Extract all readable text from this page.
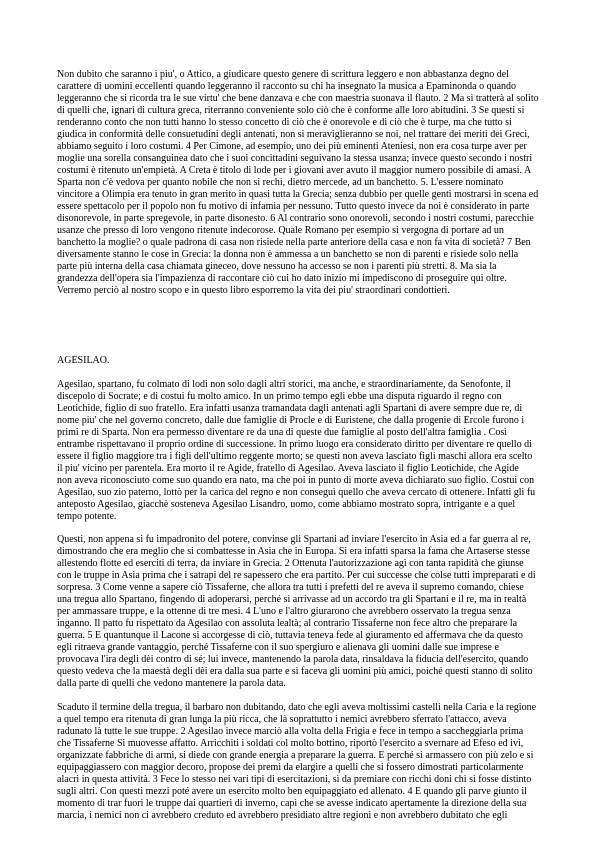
Non dubito che saranno i piu', o Attico, a giudicare questo genere di scrittura leggero e non abbastanza degno del
carattere di uomini eccellenti quando leggeranno il racconto su chi ha insegnato la musica a Epaminonda o quando
leggeranno che si ricorda tra le sue virtu' che bene danzava e che con maestria suonava il flauto. 2 Ma si tratterà al solito
di quelli che, ignari di cultura greca, riterranno conveniente solo ciò che è conforme alle loro abitudini. 3 Se questi si
renderanno conto che non tutti hanno lo stesso concetto di ciò che è onorevole e di ciò che è turpe, ma che tutto si
giudica in conformità delle consuetudini degli antenati, non si meraviglieranno se noi, nel trattare dei meriti dei Greci,
abbiamo seguito i loro costumi. 4 Per Cimone, ad esempio, uno dei più eminenti Ateniesi, non era cosa turpe aver per
moglie una sorella consanguinea dato che i suoi concittadini seguivano la stessa usanza; invece questo secondo i nostri
costumi è ritenuto un'empietà. A Creta è titolo di lode per i giovani aver avuto il maggior numero possibile di amasi. A
Sparta non c'è vedova per quanto nobile che non si rechi, dietro mercede, ad un banchetto. 5. L'essere nominato
vincitore a Olimpia era tenuto in gran merito in quasi tutta la Grecia; senza dubbio per quelle genti mostrarsi in scena ed
essere spettacolo per il popolo non fu motivo di infamia per nessuno. Tutto questo invece da noi è considerato in parte
disonorevole, in parte spregevole, in parte disonesto. 6 Al contrario sono onorevoli, secondo i nostri costumi, parecchie
usanze che presso di loro vengono ritenute indecorose. Quale Romano per esempio si vergogna di portare ad un
banchetto la moglie? o quale padrona di casa non risiede nella parte anteriore della casa e non fa vita di società? 7 Ben
diversamente stanno le cose in Grecia: la donna non è ammessa a un banchetto se non di parenti e risiede solo nella
parte più interna della casa chiamata gineceo, dove nessuno ha accesso se non i parenti più stretti. 8. Ma sia la
grandezza dell'opera sia l'impazienza di raccontare ciò cui ho dato inizio mi impediscono di proseguire qui oltre.
Verremo perciò al nostro scopo e in questo libro esporremo la vita dei piu' straordinari condottieri.
AGESILAO.
Agesilao, spartano, fu colmato di lodi non solo dagli altri storici, ma anche, e straordinariamente, da Senofonte, il
discepolo di Socrate; e di costui fu molto amico. In un primo tempo egli ebbe una disputa riguardo il regno con
Leotichide, figlio di suo fratello. Era infatti usanza tramandata dagli antenati agli Spartani di avere sempre due re, di
nome piu' che nel governo concreto, dalle due famiglie di Procle e di Euristene, che dalla progenie di Ercole furono i
primi re di Sparta. Non era permesso diventare re da una di queste due famiglie al posto dell'altra famiglia . Così
entrambe rispettavano il proprio ordine di successione. In primo luogo era considerato diritto per diventare re quello di
essere il figlio maggiore tra i figli dell'ultimo reggente morto; se questi non aveva lasciato figli maschi allora era scelto
il piu' vicino per parentela. Era morto il re Agide, fratello di Agesilao. Aveva lasciato il figlio Leotichide, che Agide
non aveva riconosciuto come suo quando era nato, ma che poi in punto di morte aveva dichiarato suo figlio. Costui con
Agesilao, suo zio paterno, lottò per la carica del regno e non conseguì quello che aveva cercato di ottenere. Infatti gli fu
anteposto Agesilao, giacchè sosteneva Agesilao Lisandro, uomo, come abbiamo mostrato sopra, intrigante e a quel
tempo potente.
Questi, non appena si fu impadronito del potere, convinse gli Spartani ad inviare l'esercito in Asia ed a far guerra al re,
dimostrando che era meglio che si combattesse in Asia che in Europa. Si era infatti sparsa la fama che Artaserse stesse
allestendo flotte ed eserciti di terra, da inviare in Grecia. 2 Ottenuta l'autorizzazione agì con tanta rapidità che giunse
con le truppe in Asia prima che i satrapi del re sapessero che era partito. Per cui successe che colse tutti impreparati e di
sorpresa. 3 Come venne a sapere ciò Tissaferne, che allora tra tutti i prefetti del re aveva il supremo comando, chiese
una tregua allo Spartano, fingendo di adoperarsi, perché si arrivasse ad un accordo tra gli Spartani e il re, ma in realtà
per ammassare truppe, e la ottenne di tre mesi. 4 L'uno e l'altro giurarono che avrebbero osservato la tregua senza
inganno. Il patto fu rispettato da Agesilao con assoluta lealtà; al contrario Tissaferne non fece altro che preparare la
guerra. 5 E quantunque il Lacone si accorgesse di ciò, tuttavia teneva fede al giuramento ed affermava che da questo
egli ritraeva grande vantaggio, perché Tissaferne con il suo spergiuro e alienava gli uomini dalle sue imprese e
provocava l'ira degli dèi contro di sé; lui invece, mantenendo la parola data, rinsaldava la fiducia dell'esercito, quando
questo vedeva che la maestà degli dèi era dalla sua parte e si faceva gli uomini più amici, poiché questi stanno di solito
dalla parte di quelli che vedono mantenere la parola data.
Scaduto il termine della tregua, il barbaro non dubitando, dato che egli aveva moltissimi castelli nella Caria e la regione
a quel tempo era ritenuta di gran lunga la più ricca, che là soprattutto i nemici avrebbero sferrato l'attacco, aveva
radunato là tutte le sue truppe. 2 Agesilao invece marciò alla volta della Frigia e fece in tempo a saccheggiarla prima
che Tissaferne Si muovesse affatto. Arricchiti i soldati col molto bottino, riportò l'esercito a svernare ad Efeso ed ivi,
organizzate fabbriche di armi, si diede con grande energia a preparare la guerra. E perché si armassero con più zelo e si
equipaggiassero con maggior decoro, propose dei premi da elargire a quelli che si fossero dimostrati particolarmente
alacri in questa attività. 3 Fece lo stesso nei vari tipi di esercitazioni, sì da premiare con ricchi doni chi si fosse distinto
sugli altri. Con questi mezzi poté avere un esercito molto ben equipaggiato ed allenato. 4 E quando gli parve giunto il
momento di trar fuori le truppe dai quartieri di inverno, capì che se avesse indicato apertamente la direzione della sua
marcia, i nemici non ci avrebbero creduto ed avrebbero presidiato altre regioni e non avrebbero dubitato che egli
